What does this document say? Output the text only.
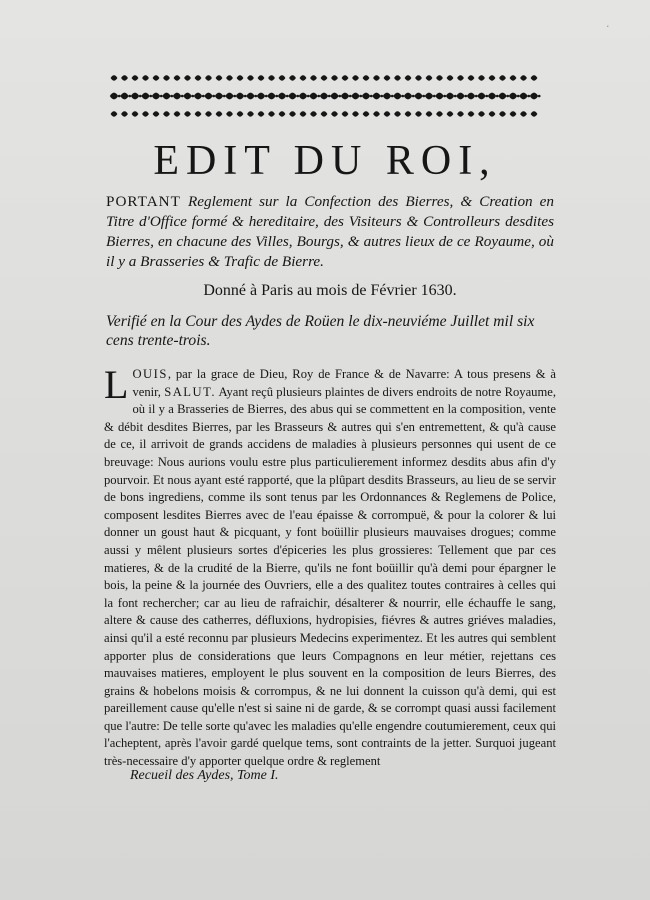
·
EDIT DU ROI,

PORTANT Reglement sur la Confection des Bierres, & Creation en Titre d'Office formé & hereditaire, des Visiteurs & Controlleurs desdites Bierres, en chacune des Villes, Bourgs, & autres lieux de ce Royaume, où il y a Brasseries & Trafic de Bierre.

Donné à Paris au mois de Février 1630.

Verifié en la Cour des Aydes de Roüen le dix-neuviéme Juillet mil six cens trente-trois.

LOUIS, par la grace de Dieu, Roy de France & de Navarre: A tous presens & à venir, SALUT. Ayant reçû plusieurs plaintes de divers endroits de notre Royaume, où il y a Brasseries de Bierres, des abus qui se commettent en la composition, vente & débit desdites Bierres, par les Brasseurs & autres qui s'en entremettent, & qu'à cause de ce, il arrivoit de grands accidens de maladies à plusieurs personnes qui usent de ce breuvage: Nous aurions voulu estre plus particulierement informez desdits abus afin d'y pourvoir. Et nous ayant esté rapporté, que la plûpart desdits Brasseurs, au lieu de se servir de bons ingrediens, comme ils sont tenus par les Ordonnances & Reglemens de Police, composent lesdites Bierres avec de l'eau épaisse & corrompuë, & pour la colorer & lui donner un goust haut & picquant, y font boüillir plusieurs mauvaises drogues; comme aussi y mêlent plusieurs sortes d'épiceries les plus grossieres: Tellement que par ces matieres, & de la crudité de la Bierre, qu'ils ne font boüillir qu'à demi pour épargner le bois, la peine & la journée des Ouvriers, elle a des qualitez toutes contraires à celles qui la font rechercher; car au lieu de rafraichir, désalterer & nourrir, elle échauffe le sang, altere & cause des catherres, défluxions, hydropisies, fiévres & autres griéves maladies, ainsi qu'il a esté reconnu par plusieurs Medecins experimentez. Et les autres qui semblent apporter plus de considerations que leurs Compagnons en leur métier, rejettans ces mauvaises matieres, employent le plus souvent en la composition de leurs Bierres, des grains & hobelons moisis & corrompus, & ne lui donnent la cuisson qu'à demi, qui est pareillement cause qu'elle n'est si saine ni de garde, & se corrompt quasi aussi facilement que l'autre: De telle sorte qu'avec les maladies qu'elle engendre coutumierement, ceux qui l'acheptent, après l'avoir gardé quelque tems, sont contraints de la jetter. Surquoi jugeant très-necessaire d'y apporter quelque ordre & reglement

Recueil des Aydes, Tome I.
